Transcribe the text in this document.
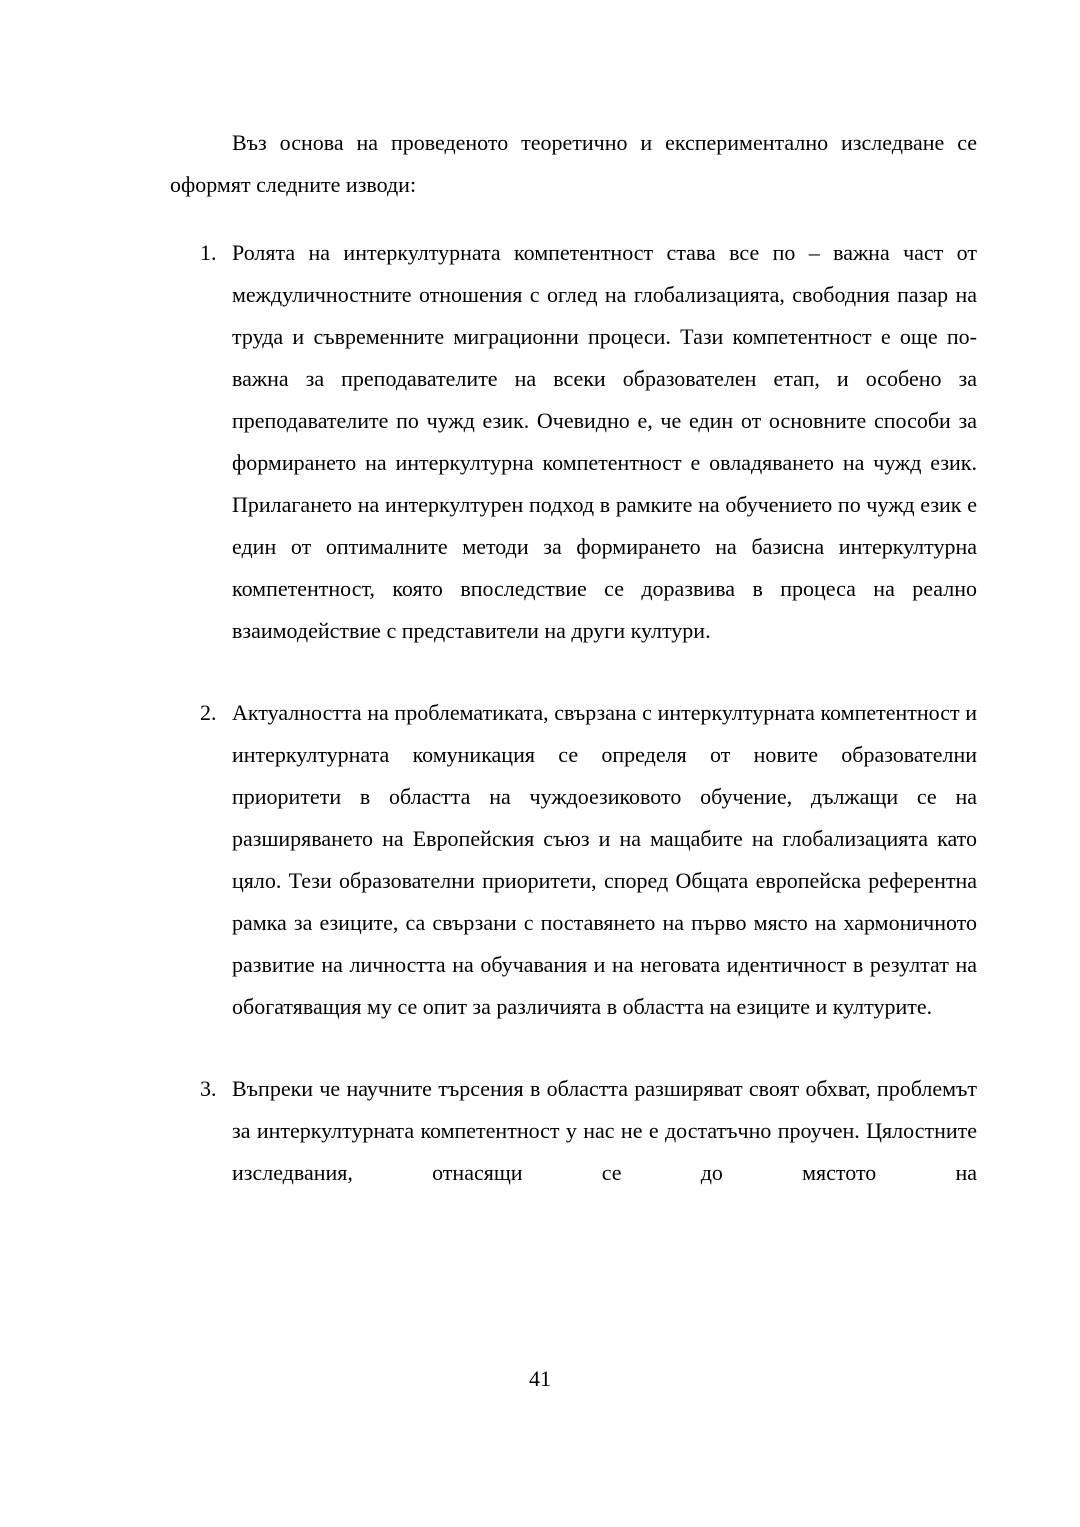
Въз основа на проведеното теоретично и експериментално изследване се оформят следните изводи:

1. Ролята на интеркултурната компетентност става все по – важна част от междуличностните отношения с оглед на глобализацията, свободния пазар на труда и съвременните миграционни процеси. Тази компетентност е още по-важна за преподавателите на всеки образователен етап, и особено за преподавателите по чужд език. Очевидно е, че един от основните способи за формирането на интеркултурна компетентност е овладяването на чужд език. Прилагането на интеркултурен подход в рамките на обучението по чужд език е един от оптималните методи за формирането на базисна интеркултурна компетентност, която впоследствие се доразвива в процеса на реално взаимодействие с представители на други култури.
2. Актуалността на проблематиката, свързана с интеркултурната компетентност и интеркултурната комуникация се определя от новите образователни приоритети в областта на чуждоезиковото обучение, дължащи се на разширяването на Европейския съюз и на мащабите на глобализацията като цяло. Тези образователни приоритети, според Общата европейска референтна рамка за езиците, са свързани с поставянето на първо място на хармоничното развитие на личността на обучавания и на неговата идентичност в резултат на обогатяващия му се опит за различията в областта на езиците и културите.
3. Въпреки че научните търсения в областта разширяват своят обхват, проблемът за интеркултурната компетентност у нас не е достатъчно проучен. Цялостните изследвания, отнасящи се до мястото на
41
